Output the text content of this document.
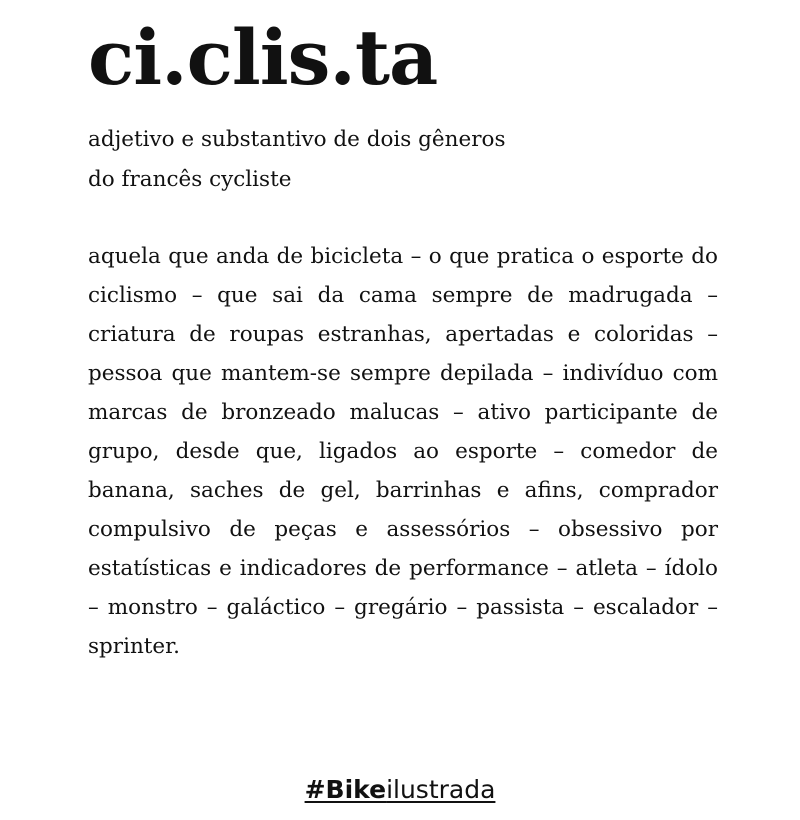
ci.clis.ta
adjetivo e substantivo de dois gêneros
do francês cycliste

aquela que anda de bicicleta – o que pratica o esporte do ciclismo – que sai da cama sempre de madrugada – criatura de roupas estranhas, apertadas e coloridas – pessoa que mantem-se sempre depilada – indivíduo com marcas de bronzeado malucas – ativo participante de grupo, desde que, ligados ao esporte – comedor de banana, saches de gel, barrinhas e afins, comprador compulsivo de peças e assessórios – obsessivo por estatísticas e indicadores de performance – atleta – ídolo – monstro – galáctico – gregário – passista – escalador – sprinter.

#Bikeilustrada
